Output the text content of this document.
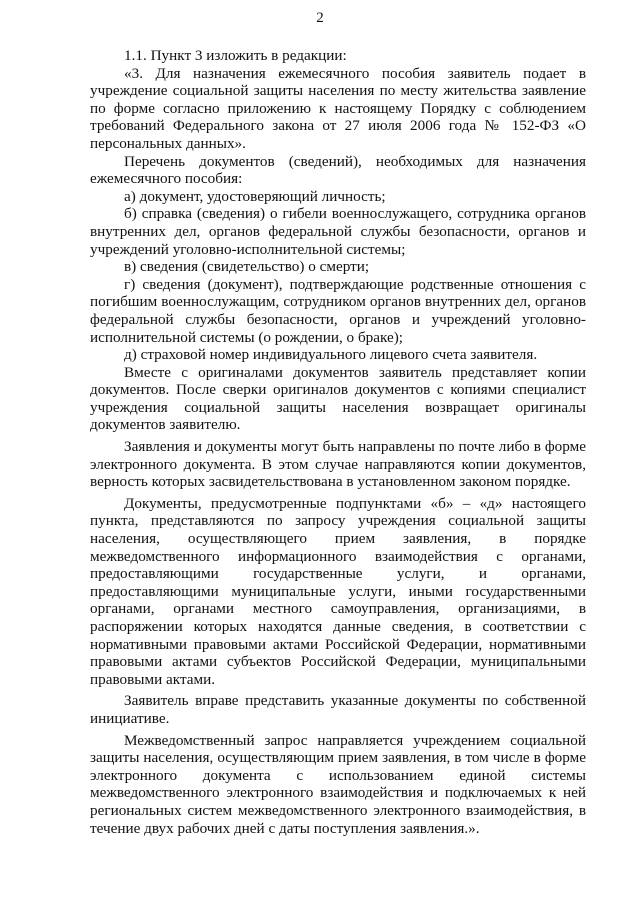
2

1.1. Пункт 3 изложить в редакции:

«3. Для назначения ежемесячного пособия заявитель подает в учреждение социальной защиты населения по месту жительства заявление по форме согласно приложению к настоящему Порядку с соблюдением требований Федерального закона от 27 июля 2006 года № 152-ФЗ «О персональных данных».

Перечень документов (сведений), необходимых для назначения ежемесячного пособия:

а) документ, удостоверяющий личность;

б) справка (сведения) о гибели военнослужащего, сотрудника органов внутренних дел, органов федеральной службы безопасности, органов и учреждений уголовно-исполнительной системы;

в) сведения (свидетельство) о смерти;

г) сведения (документ), подтверждающие родственные отношения с погибшим военнослужащим, сотрудником органов внутренних дел, органов федеральной службы безопасности, органов и учреждений уголовно-исполнительной системы (о рождении, о браке);

д) страховой номер индивидуального лицевого счета заявителя.

Вместе с оригиналами документов заявитель представляет копии документов. После сверки оригиналов документов с копиями специалист учреждения социальной защиты населения возвращает оригиналы документов заявителю.

Заявления и документы могут быть направлены по почте либо в форме электронного документа. В этом случае направляются копии документов, верность которых засвидетельствована в установленном законом порядке.

Документы, предусмотренные подпунктами «б» – «д» настоящего пункта, представляются по запросу учреждения социальной защиты населения, осуществляющего прием заявления, в порядке межведомственного информационного взаимодействия с органами, предоставляющими государственные услуги, и органами, предоставляющими муниципальные услуги, иными государственными органами, органами местного самоуправления, организациями, в распоряжении которых находятся данные сведения, в соответствии с нормативными правовыми актами Российской Федерации, нормативными правовыми актами субъектов Российской Федерации, муниципальными правовыми актами.

Заявитель вправе представить указанные документы по собственной инициативе.

Межведомственный запрос направляется учреждением социальной защиты населения, осуществляющим прием заявления, в том числе в форме электронного документа с использованием единой системы межведомственного электронного взаимодействия и подключаемых к ней региональных систем межведомственного электронного взаимодействия, в течение двух рабочих дней с даты поступления заявления.».
